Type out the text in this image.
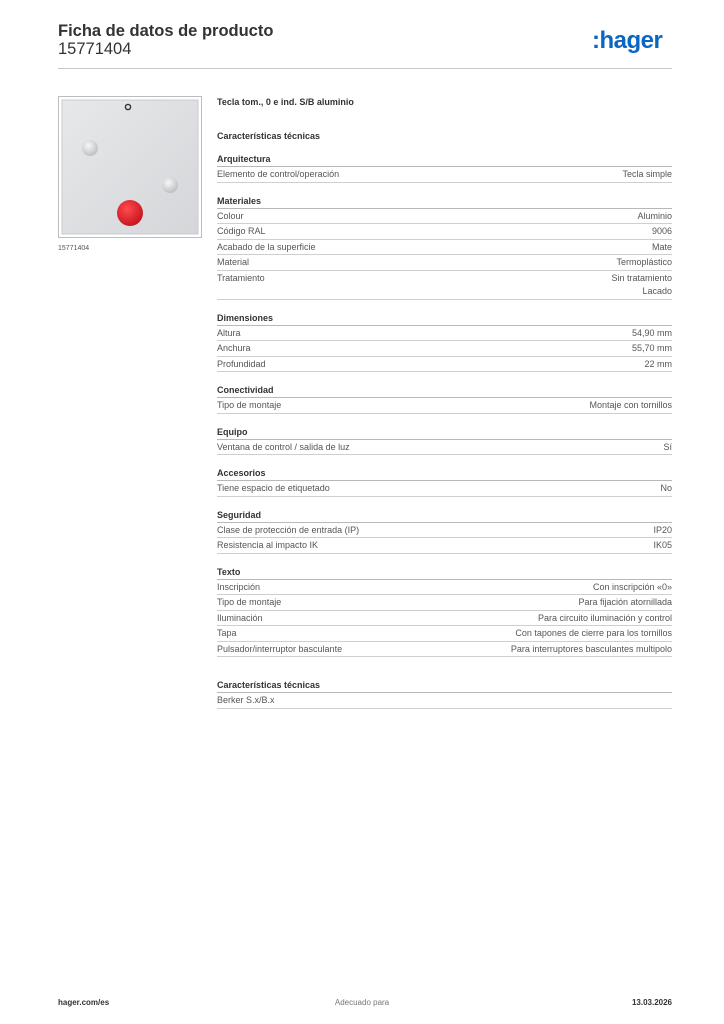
Ficha de datos de producto
15771404	:hager
15771404
Tecla tom., 0 e ind. S/B aluminio
Características técnicas
Arquitectura
Elemento de control/operación	Tecla simple
Materiales
Colour	Aluminio
Código RAL	9006
Acabado de la superficie	Mate
Material	Termoplástico
Tratamiento	Sin tratamiento
Lacado
Dimensiones
Altura	54,90 mm
Anchura	55,70 mm
Profundidad	22 mm
Conectividad
Tipo de montaje	Montaje con tornillos
Equipo
Ventana de control / salida de luz	Sí
Accesorios
Tiene espacio de etiquetado	No
Seguridad
Clase de protección de entrada (IP)	IP20
Resistencia al impacto IK	IK05
Texto
Inscripción	Con inscripción «0»
Tipo de montaje	Para fijación atornillada
Iluminación	Para circuito iluminación y control
Tapa	Con tapones de cierre para los tornillos
Pulsador/interruptor basculante	Para interruptores basculantes multipolo
Características técnicas
Berker S.x/B.x
hager.com/es	Adecuado para	13.03.2026
